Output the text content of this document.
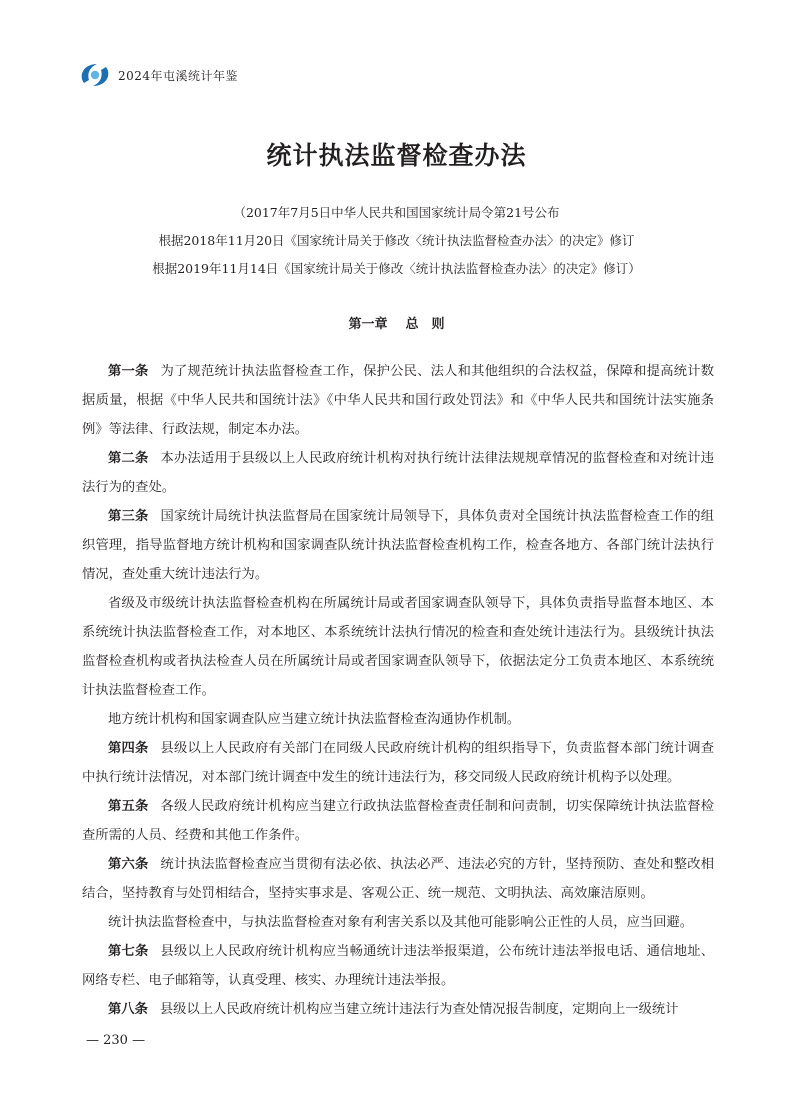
2024年屯溪统计年鉴
统计执法监督检查办法
（2017年7月5日中华人民共和国国家统计局令第21号公布
根据2018年11月20日《国家统计局关于修改〈统计执法监督检查办法〉的决定》修订
根据2019年11月14日《国家统计局关于修改〈统计执法监督检查办法〉的决定》修订）
第一章 总　则

第一条 为了规范统计执法监督检查工作，保护公民、法人和其他组织的合法权益，保障和提高统计数据质量，根据《中华人民共和国统计法》《中华人民共和国行政处罚法》和《中华人民共和国统计法实施条例》等法律、行政法规，制定本办法。

第二条 本办法适用于县级以上人民政府统计机构对执行统计法律法规规章情况的监督检查和对统计违法行为的查处。

第三条 国家统计局统计执法监督局在国家统计局领导下，具体负责对全国统计执法监督检查工作的组织管理，指导监督地方统计机构和国家调查队统计执法监督检查机构工作，检查各地方、各部门统计法执行情况，查处重大统计违法行为。

省级及市级统计执法监督检查机构在所属统计局或者国家调查队领导下，具体负责指导监督本地区、本系统统计执法监督检查工作，对本地区、本系统统计法执行情况的检查和查处统计违法行为。县级统计执法监督检查机构或者执法检查人员在所属统计局或者国家调查队领导下，依据法定分工负责本地区、本系统统计执法监督检查工作。

地方统计机构和国家调查队应当建立统计执法监督检查沟通协作机制。

第四条 县级以上人民政府有关部门在同级人民政府统计机构的组织指导下，负责监督本部门统计调查中执行统计法情况，对本部门统计调查中发生的统计违法行为，移交同级人民政府统计机构予以处理。

第五条 各级人民政府统计机构应当建立行政执法监督检查责任制和问责制，切实保障统计执法监督检查所需的人员、经费和其他工作条件。

第六条 统计执法监督检查应当贯彻有法必依、执法必严、违法必究的方针，坚持预防、查处和整改相结合，坚持教育与处罚相结合，坚持实事求是、客观公正、统一规范、文明执法、高效廉洁原则。

统计执法监督检查中，与执法监督检查对象有利害关系以及其他可能影响公正性的人员，应当回避。

第七条 县级以上人民政府统计机构应当畅通统计违法举报渠道，公布统计违法举报电话、通信地址、网络专栏、电子邮箱等，认真受理、核实、办理统计违法举报。

第八条 县级以上人民政府统计机构应当建立统计违法行为查处情况报告制度，定期向上一级统计

— 230 —
